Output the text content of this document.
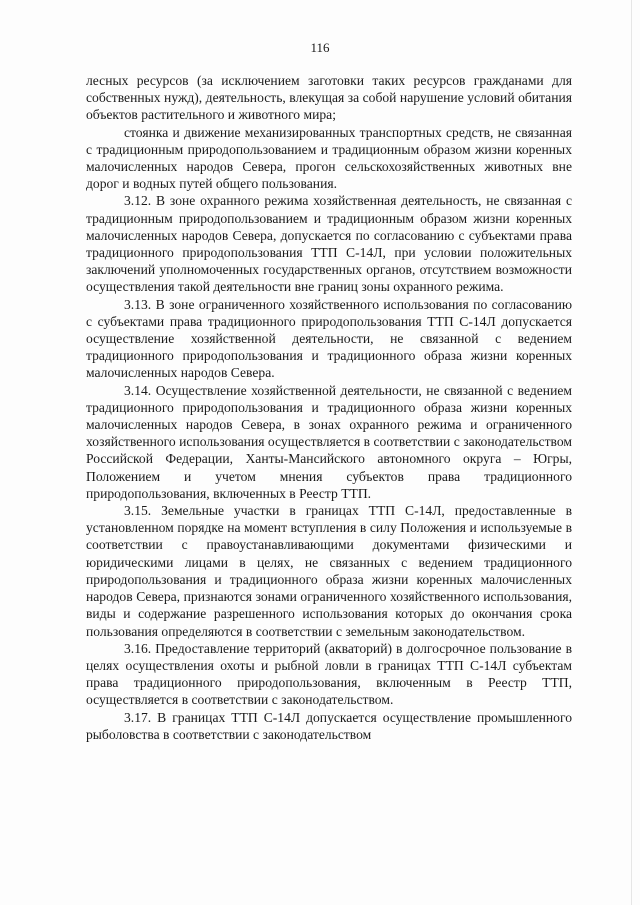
116

лесных ресурсов (за исключением заготовки таких ресурсов гражданами для собственных нужд), деятельность, влекущая за собой нарушение условий обитания объектов растительного и животного мира;

стоянка и движение механизированных транспортных средств, не связанная с традиционным природопользованием и традиционным образом жизни коренных малочисленных народов Севера, прогон сельскохозяйственных животных вне дорог и водных путей общего пользования.

3.12. В зоне охранного режима хозяйственная деятельность, не связанная с традиционным природопользованием и традиционным образом жизни коренных малочисленных народов Севера, допускается по согласованию с субъектами права традиционного природопользования ТТП С-14Л, при условии положительных заключений уполномоченных государственных органов, отсутствием возможности осуществления такой деятельности вне границ зоны охранного режима.

3.13. В зоне ограниченного хозяйственного использования по согласованию с субъектами права традиционного природопользования ТТП С-14Л допускается осуществление хозяйственной деятельности, не связанной с ведением традиционного природопользования и традиционного образа жизни коренных малочисленных народов Севера.

3.14. Осуществление хозяйственной деятельности, не связанной с ведением традиционного природопользования и традиционного образа жизни коренных малочисленных народов Севера, в зонах охранного режима и ограниченного хозяйственного использования осуществляется в соответствии с законодательством Российской Федерации, Ханты-Мансийского автономного округа – Югры, Положением и учетом мнения субъектов права традиционного природопользования, включенных в Реестр ТТП.

3.15. Земельные участки в границах ТТП С-14Л, предоставленные в установленном порядке на момент вступления в силу Положения и используемые в соответствии с правоустанавливающими документами физическими и юридическими лицами в целях, не связанных с ведением традиционного природопользования и традиционного образа жизни коренных малочисленных народов Севера, признаются зонами ограниченного хозяйственного использования, виды и содержание разрешенного использования которых до окончания срока пользования определяются в соответствии с земельным законодательством.

3.16. Предоставление территорий (акваторий) в долгосрочное пользование в целях осуществления охоты и рыбной ловли в границах ТТП С-14Л субъектам права традиционного природопользования, включенным в Реестр ТТП, осуществляется в соответствии с законодательством.

3.17. В границах ТТП С-14Л допускается осуществление промышленного рыболовства в соответствии с законодательством
